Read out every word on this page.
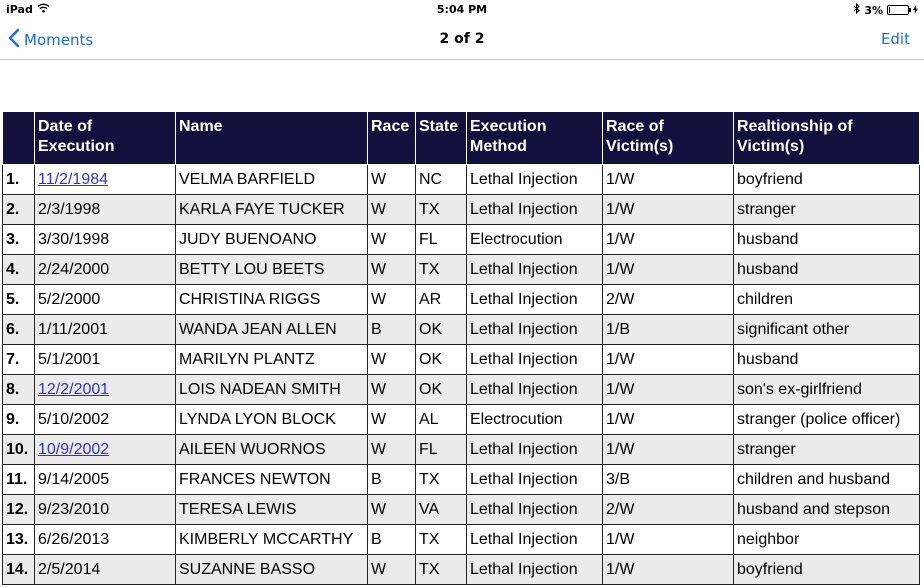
iPad	5:04 PM	3%
Moments	2 of 2	Edit
	Date of Execution	Name	Race	State	Execution Method	Race of Victim(s)	Realtionship of Victim(s)
1.	11/2/1984	VELMA BARFIELD	W	NC	Lethal Injection	1/W	boyfriend
2.	2/3/1998	KARLA FAYE TUCKER	W	TX	Lethal Injection	1/W	stranger
3.	3/30/1998	JUDY BUENOANO	W	FL	Electrocution	1/W	husband
4.	2/24/2000	BETTY LOU BEETS	W	TX	Lethal Injection	1/W	husband
5.	5/2/2000	CHRISTINA RIGGS	W	AR	Lethal Injection	2/W	children
6.	1/11/2001	WANDA JEAN ALLEN	B	OK	Lethal Injection	1/B	significant other
7.	5/1/2001	MARILYN PLANTZ	W	OK	Lethal Injection	1/W	husband
8.	12/2/2001	LOIS NADEAN SMITH	W	OK	Lethal Injection	1/W	son's ex-girlfriend
9.	5/10/2002	LYNDA LYON BLOCK	W	AL	Electrocution	1/W	stranger (police officer)
10.	10/9/2002	AILEEN WUORNOS	W	FL	Lethal Injection	1/W	stranger
11.	9/14/2005	FRANCES NEWTON	B	TX	Lethal Injection	3/B	children and husband
12.	9/23/2010	TERESA LEWIS	W	VA	Lethal Injection	2/W	husband and stepson
13.	6/26/2013	KIMBERLY MCCARTHY	B	TX	Lethal Injection	1/W	neighbor
14.	2/5/2014	SUZANNE BASSO	W	TX	Lethal Injection	1/W	boyfriend
